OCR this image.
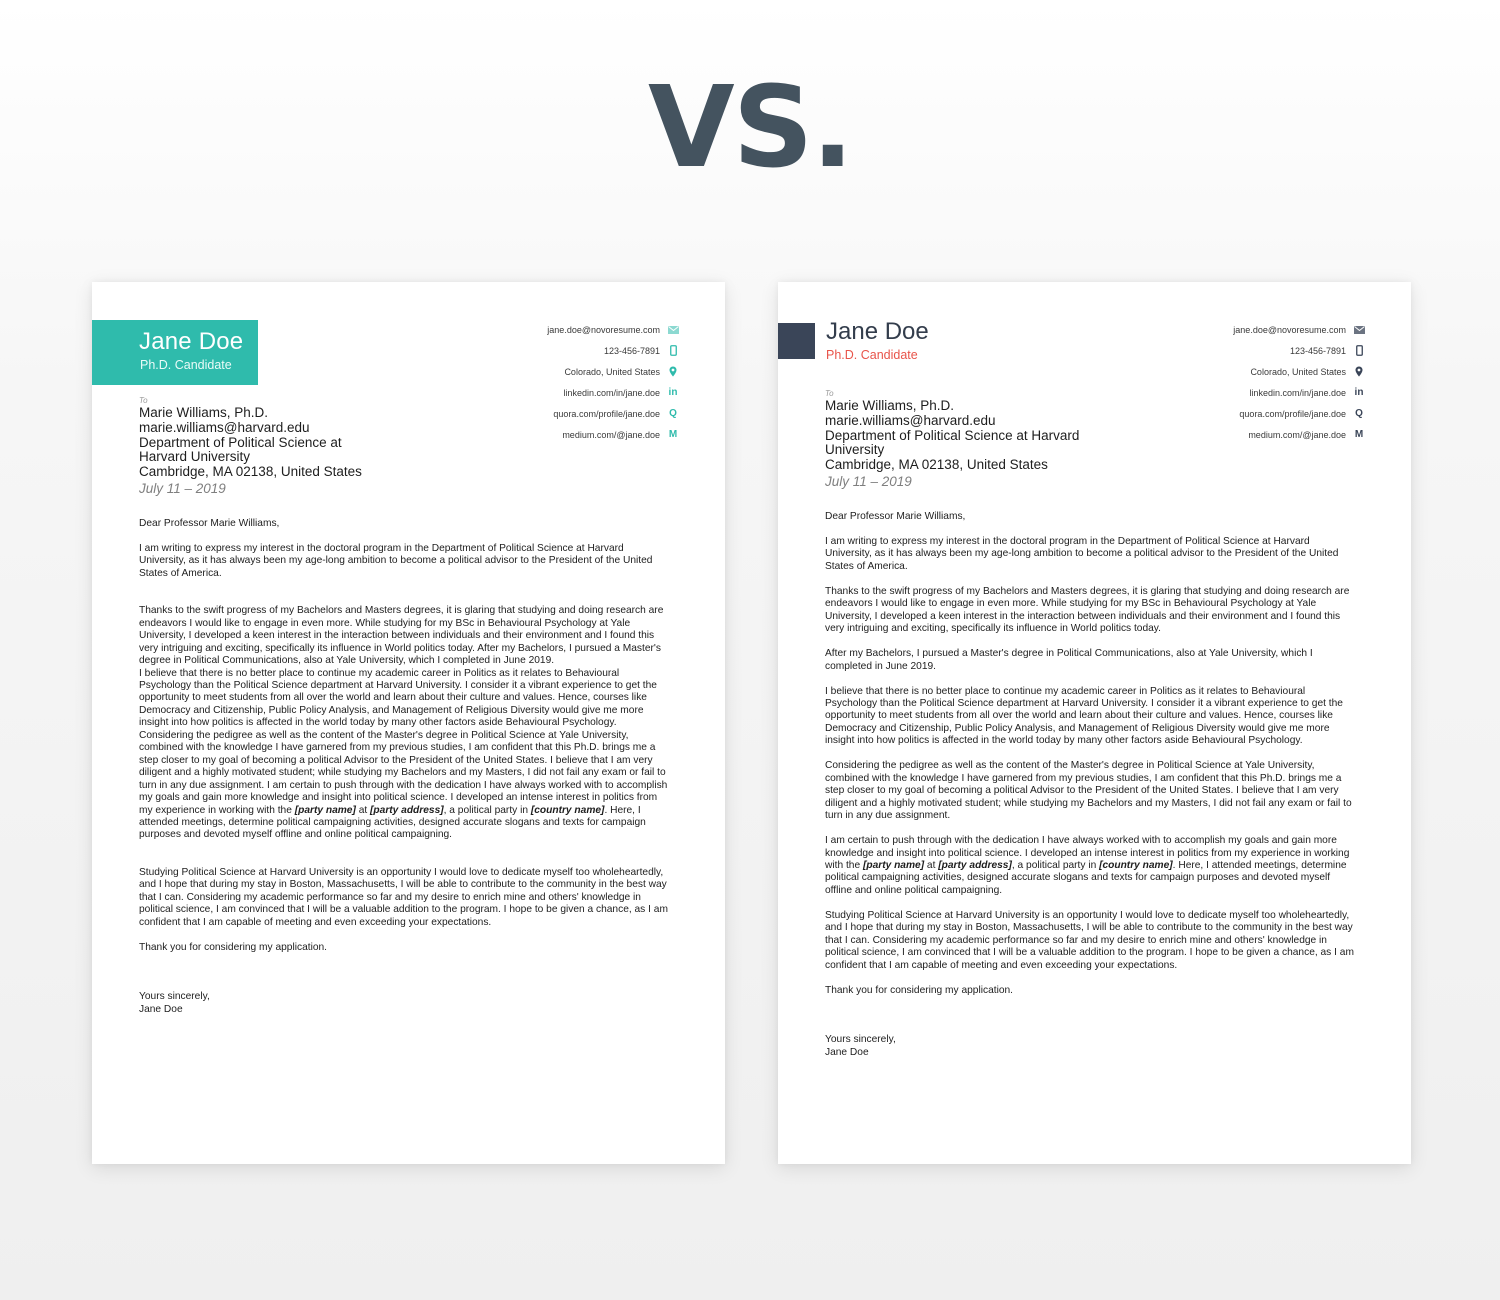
VS.
Jane Doe
Ph.D. Candidate
jane.doe@novoresume.com
123-456-7891
Colorado, United States
linkedin.com/in/jane.doe in
quora.com/profile/jane.doe Q
medium.com/@jane.doe M
To
Marie Williams, Ph.D.
marie.williams@harvard.edu
Department of Political Science at Harvard University
Cambridge, MA 02138, United States
July 11 – 2019

Dear Professor Marie Williams,

I am writing to express my interest in the doctoral program in the Department of Political Science at Harvard University, as it has always been my age-long ambition to become a political advisor to the President of the United States of America.

Thanks to the swift progress of my Bachelors and Masters degrees, it is glaring that studying and doing research are endeavors I would like to engage in even more. While studying for my BSc in Behavioural Psychology at Yale University, I developed a keen interest in the interaction between individuals and their environment and I found this very intriguing and exciting, specifically its influence in World politics today. After my Bachelors, I pursued a Master's degree in Political Communications, also at Yale University, which I completed in June 2019.

I believe that there is no better place to continue my academic career in Politics as it relates to Behavioural Psychology than the Political Science department at Harvard University. I consider it a vibrant experience to get the opportunity to meet students from all over the world and learn about their culture and values. Hence, courses like Democracy and Citizenship, Public Policy Analysis, and Management of Religious Diversity would give me more insight into how politics is affected in the world today by many other factors aside Behavioural Psychology. Considering the pedigree as well as the content of the Master's degree in Political Science at Yale University, combined with the knowledge I have garnered from my previous studies, I am confident that this Ph.D. brings me a step closer to my goal of becoming a political Advisor to the President of the United States. I believe that I am very diligent and a highly motivated student; while studying my Bachelors and my Masters, I did not fail any exam or fail to turn in any due assignment. I am certain to push through with the dedication I have always worked with to accomplish my goals and gain more knowledge and insight into political science. I developed an intense interest in politics from my experience in working with the [party name] at [party address], a political party in [country name]. Here, I attended meetings, determine political campaigning activities, designed accurate slogans and texts for campaign purposes and devoted myself offline and online political campaigning.

Studying Political Science at Harvard University is an opportunity I would love to dedicate myself too wholeheartedly, and I hope that during my stay in Boston, Massachusetts, I will be able to contribute to the community in the best way that I can. Considering my academic performance so far and my desire to enrich mine and others' knowledge in political science, I am convinced that I will be a valuable addition to the program. I hope to be given a chance, as I am confident that I am capable of meeting and even exceeding your expectations.

Thank you for considering my application.

Yours sincerely,

Jane Doe

Jane Doe
Ph.D. Candidate
jane.doe@novoresume.com
123-456-7891
Colorado, United States
linkedin.com/in/jane.doe in
quora.com/profile/jane.doe Q
medium.com/@jane.doe M
To
Marie Williams, Ph.D.
marie.williams@harvard.edu
Department of Political Science at Harvard University
Cambridge, MA 02138, United States
July 11 – 2019

Dear Professor Marie Williams,

I am writing to express my interest in the doctoral program in the Department of Political Science at Harvard University, as it has always been my age-long ambition to become a political advisor to the President of the United States of America.

Thanks to the swift progress of my Bachelors and Masters degrees, it is glaring that studying and doing research are endeavors I would like to engage in even more. While studying for my BSc in Behavioural Psychology at Yale University, I developed a keen interest in the interaction between individuals and their environment and I found this very intriguing and exciting, specifically its influence in World politics today.

After my Bachelors, I pursued a Master's degree in Political Communications, also at Yale University, which I completed in June 2019.

I believe that there is no better place to continue my academic career in Politics as it relates to Behavioural Psychology than the Political Science department at Harvard University. I consider it a vibrant experience to get the opportunity to meet students from all over the world and learn about their culture and values. Hence, courses like Democracy and Citizenship, Public Policy Analysis, and Management of Religious Diversity would give me more insight into how politics is affected in the world today by many other factors aside Behavioural Psychology.

Considering the pedigree as well as the content of the Master's degree in Political Science at Yale University, combined with the knowledge I have garnered from my previous studies, I am confident that this Ph.D. brings me a step closer to my goal of becoming a political Advisor to the President of the United States. I believe that I am very diligent and a highly motivated student; while studying my Bachelors and my Masters, I did not fail any exam or fail to turn in any due assignment.

I am certain to push through with the dedication I have always worked with to accomplish my goals and gain more knowledge and insight into political science. I developed an intense interest in politics from my experience in working with the [party name] at [party address], a political party in [country name]. Here, I attended meetings, determine political campaigning activities, designed accurate slogans and texts for campaign purposes and devoted myself offline and online political campaigning.

Studying Political Science at Harvard University is an opportunity I would love to dedicate myself too wholeheartedly, and I hope that during my stay in Boston, Massachusetts, I will be able to contribute to the community in the best way that I can. Considering my academic performance so far and my desire to enrich mine and others' knowledge in political science, I am convinced that I will be a valuable addition to the program. I hope to be given a chance, as I am confident that I am capable of meeting and even exceeding your expectations.

Thank you for considering my application.

Yours sincerely,

Jane Doe
